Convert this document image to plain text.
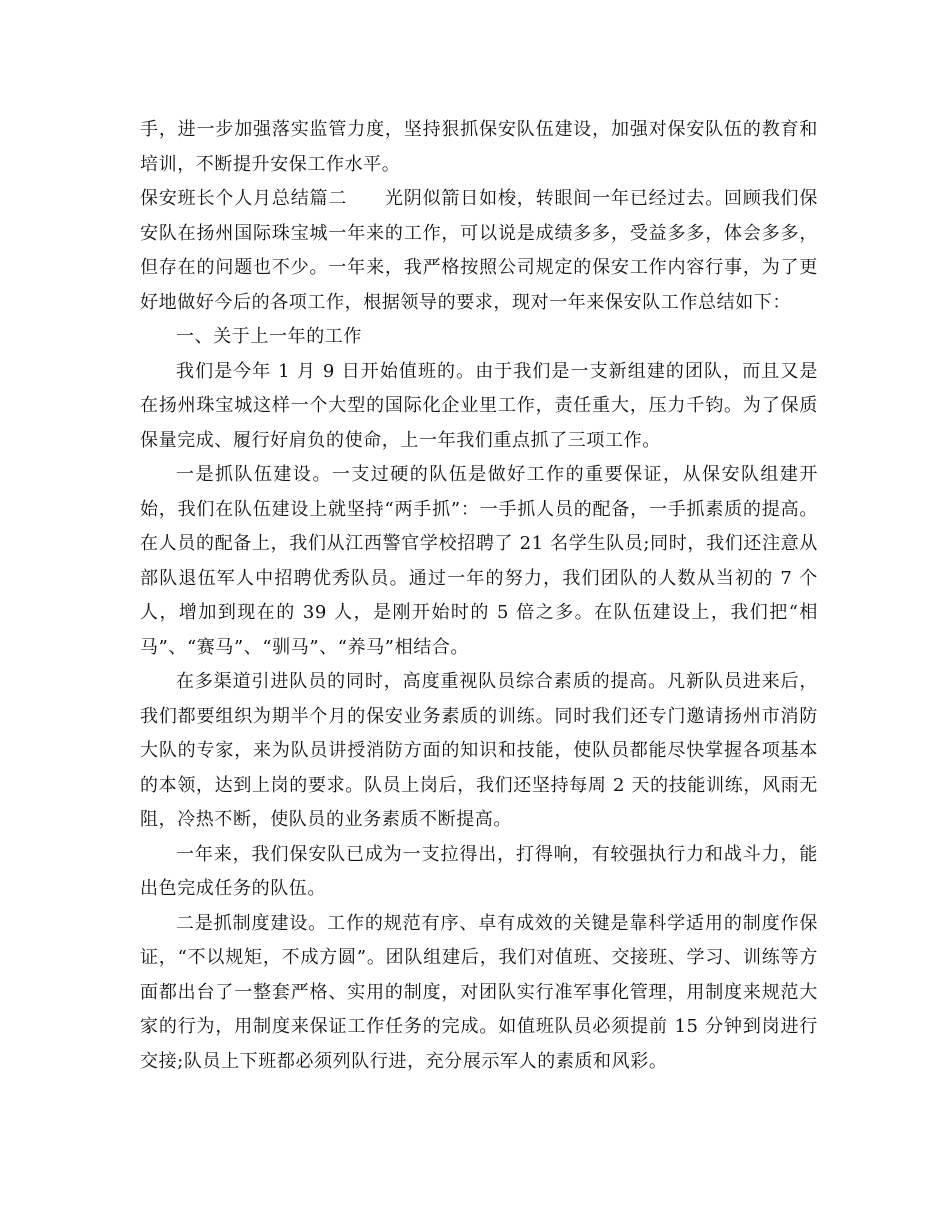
手，进一步加强落实监管力度，坚持狠抓保安队伍建设，加强对保安队伍的教育和培训，不断提升安保工作水平。

保安班长个人月总结篇二　　光阴似箭日如梭，转眼间一年已经过去。回顾我们保安队在扬州国际珠宝城一年来的工作，可以说是成绩多多，受益多多，体会多多，但存在的问题也不少。一年来，我严格按照公司规定的保安工作内容行事，为了更好地做好今后的各项工作，根据领导的要求，现对一年来保安队工作总结如下：

一、关于上一年的工作

我们是今年 1 月 9 日开始值班的。由于我们是一支新组建的团队，而且又是在扬州珠宝城这样一个大型的国际化企业里工作，责任重大，压力千钧。为了保质保量完成、履行好肩负的使命，上一年我们重点抓了三项工作。

一是抓队伍建设。一支过硬的队伍是做好工作的重要保证，从保安队组建开始，我们在队伍建设上就坚持“两手抓”：一手抓人员的配备，一手抓素质的提高。在人员的配备上，我们从江西警官学校招聘了 21 名学生队员;同时，我们还注意从部队退伍军人中招聘优秀队员。通过一年的努力，我们团队的人数从当初的 7 个人，增加到现在的 39 人，是刚开始时的 5 倍之多。在队伍建设上，我们把“相马”、“赛马”、“驯马”、“养马”相结合。

在多渠道引进队员的同时，高度重视队员综合素质的提高。凡新队员进来后，我们都要组织为期半个月的保安业务素质的训练。同时我们还专门邀请扬州市消防大队的专家，来为队员讲授消防方面的知识和技能，使队员都能尽快掌握各项基本的本领，达到上岗的要求。队员上岗后，我们还坚持每周 2 天的技能训练，风雨无阻，冷热不断，使队员的业务素质不断提高。

一年来，我们保安队已成为一支拉得出，打得响，有较强执行力和战斗力，能出色完成任务的队伍。

二是抓制度建设。工作的规范有序、卓有成效的关键是靠科学适用的制度作保证，“不以规矩，不成方圆”。团队组建后，我们对值班、交接班、学习、训练等方面都出台了一整套严格、实用的制度，对团队实行准军事化管理，用制度来规范大家的行为，用制度来保证工作任务的完成。如值班队员必须提前 15 分钟到岗进行交接;队员上下班都必须列队行进，充分展示军人的素质和风彩。
